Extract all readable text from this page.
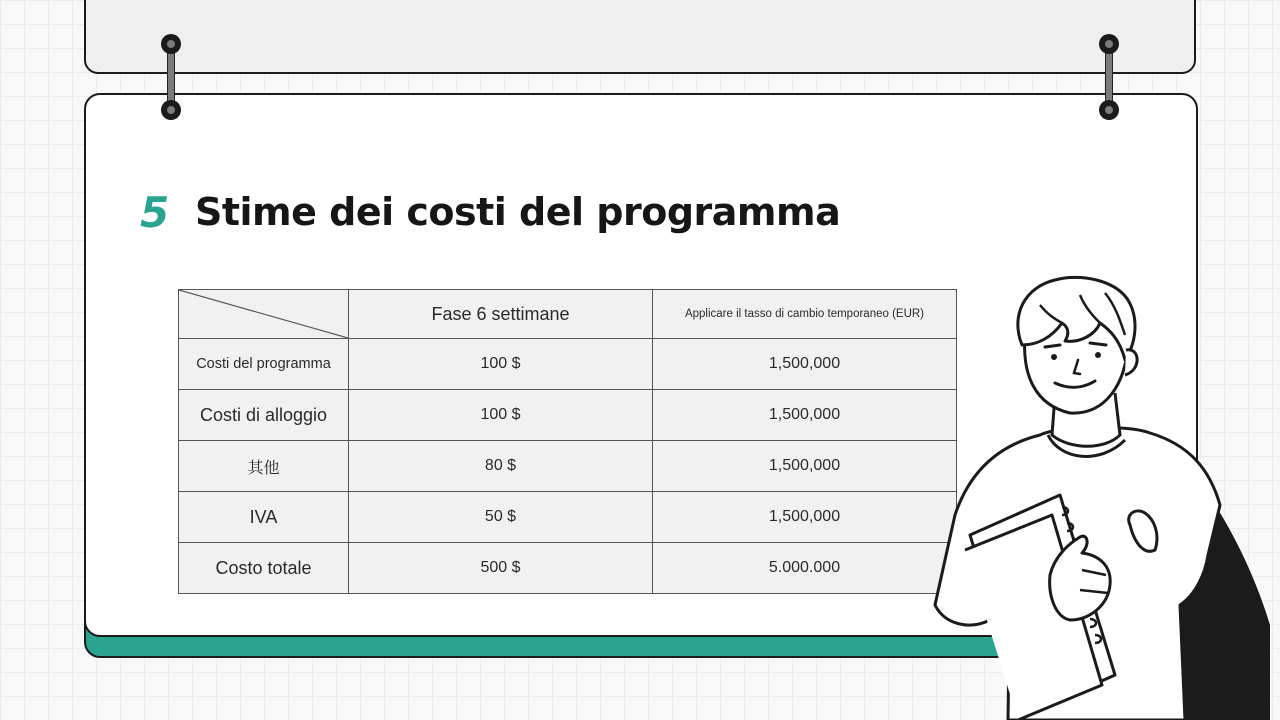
5 Stime dei costi del programma
	Fase 6 settimane	Applicare il tasso di cambio temporaneo (EUR)
Costi del programma	100 $	1,500,000
Costi di alloggio	100 $	1,500,000
其他	80 $	1,500,000
IVA	50 $	1,500,000
Costo totale	500 $	5.000.000
